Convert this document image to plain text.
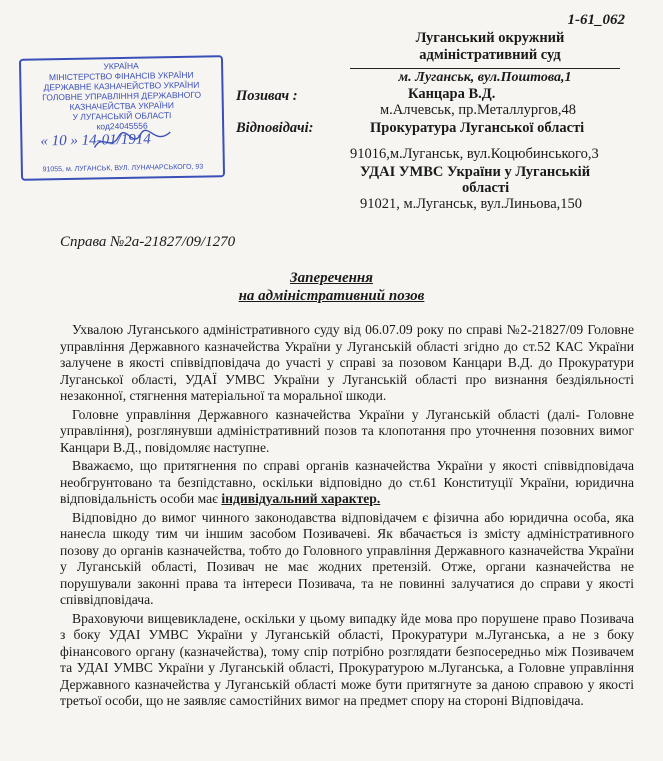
1-61_062
УКРАЇНА
МІНІСТЕРСТВО ФІНАНСІВ УКРАЇНИ
ДЕРЖАВНЕ КАЗНАЧЕЙСТВО УКРАЇНИ
ГОЛОВНЕ УПРАВЛІННЯ ДЕРЖАВНОГО
КАЗНАЧЕЙСТВА УКРАЇНИ
У ЛУГАНСЬКІЙ ОБЛАСТІ
код24045556
« 10 » 14-01/1914
91055, м. ЛУГАНСЬК, ВУЛ. ЛУНАЧАРСЬКОГО, 93
Луганський окружний
адміністративний суд
м. Луганськ, вул.Поштова,1
Позивач :	Канцара В.Д.
м.Алчевськ, пр.Металлургов,48
Відповідачі:	Прокуратура Луганської області
91016,м.Луганськ, вул.Коцюбинського,3
УДАІ УМВС України у Луганській
області
91021, м.Луганськ, вул.Линьова,150
Справа №2а-21827/09/1270
Заперечення
на адміністративний позов

Ухвалою Луганського адміністративного суду від 06.07.09 року по справі №2-21827/09 Головне управління Державного казначейства України у Луганській області згідно до ст.52 КАС України залучене в якості співвідповідача до участі у справі за позовом Канцари В.Д. до Прокуратури Луганської області, УДАЇ УМВС України у Луганській області про визнання бездіяльності незаконної, стягнення матеріальної та моральної шкоди.

Головне управління Державного казначейства України у Луганській області (далі- Головне управління), розглянувши адміністративний позов та клопотання про уточнення позовних вимог Канцари В.Д., повідомляє наступне.

Вважаємо, що притягнення по справі органів казначейства України у якості співвідповідача необгрунтовано та безпідставно, оскільки відповідно до ст.61 Конституції України, юридична відповідальність особи має індивідуальний характер.

Відповідно до вимог чинного законодавства відповідачем є фізична або юридична особа, яка нанесла шкоду тим чи іншим засобом Позивачеві. Як вбачається із змісту адміністративного позову до органів казначейства, тобто до Головного управління Державного казначейства України у Луганській області, Позивач не має жодних претензій. Отже, органи казначейства не порушували законні права та інтереси Позивача, та не повинні залучатися до справи у якості співвідповідача.

Враховуючи вищевикладене, оскільки у цьому випадку йде мова про порушене право Позивача з боку УДАІ УМВС України у Луганській області, Прокуратури м.Луганська, а не з боку фінансового органу (казначейства), тому спір потрібно розглядати безпосередньо між Позивачем та УДАІ УМВС України у Луганській області, Прокуратурою м.Луганська, а Головне управління Державного казначейства у Луганській області може бути притягнуте за даною справою у якості третьої особи, що не заявляє самостійних вимог на предмет спору на стороні Відповідача.
